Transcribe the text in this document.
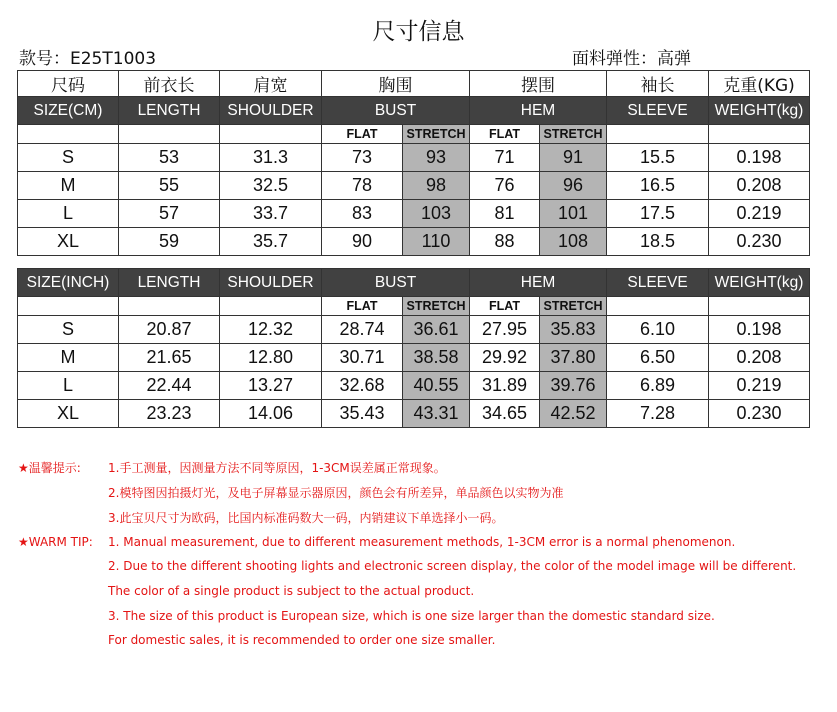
尺寸信息
款号：E25T1003	面料弹性：高弹
尺码	前衣长	肩宽	胸围		摆围		袖长	克重(KG)
SIZE(CM)	LENGTH	SHOULDER	BUST		HEM		SLEEVE	WEIGHT(kg)
			FLAT	STRETCH	FLAT	STRETCH		
S	53	31.3	73	93	71	91	15.5	0.198
M	55	32.5	78	98	76	96	16.5	0.208
L	57	33.7	83	103	81	101	17.5	0.219
XL	59	35.7	90	110	88	108	18.5	0.230
SIZE(INCH)	LENGTH	SHOULDER	BUST		HEM		SLEEVE	WEIGHT(kg)
			FLAT	STRETCH	FLAT	STRETCH		
S	20.87	12.32	28.74	36.61	27.95	35.83	6.10	0.198
M	21.65	12.80	30.71	38.58	29.92	37.80	6.50	0.208
L	22.44	13.27	32.68	40.55	31.89	39.76	6.89	0.219
XL	23.23	14.06	35.43	43.31	34.65	42.52	7.28	0.230
★温馨提示: 1.手工测量，因测量方法不同等原因，1-3CM误差属正常现象。
2.模特图因拍摄灯光，及电子屏幕显示器原因，颜色会有所差异，单品颜色以实物为准
3.此宝贝尺寸为欧码，比国内标准码数大一码，内销建议下单选择小一码。
★WARM TIP: 1. Manual measurement, due to different measurement methods, 1-3CM error is a normal phenomenon.
2. Due to the different shooting lights and electronic screen display, the color of the model image will be different.
The color of a single product is subject to the actual product.
3. The size of this product is European size, which is one size larger than the domestic standard size.
For domestic sales, it is recommended to order one size smaller.
